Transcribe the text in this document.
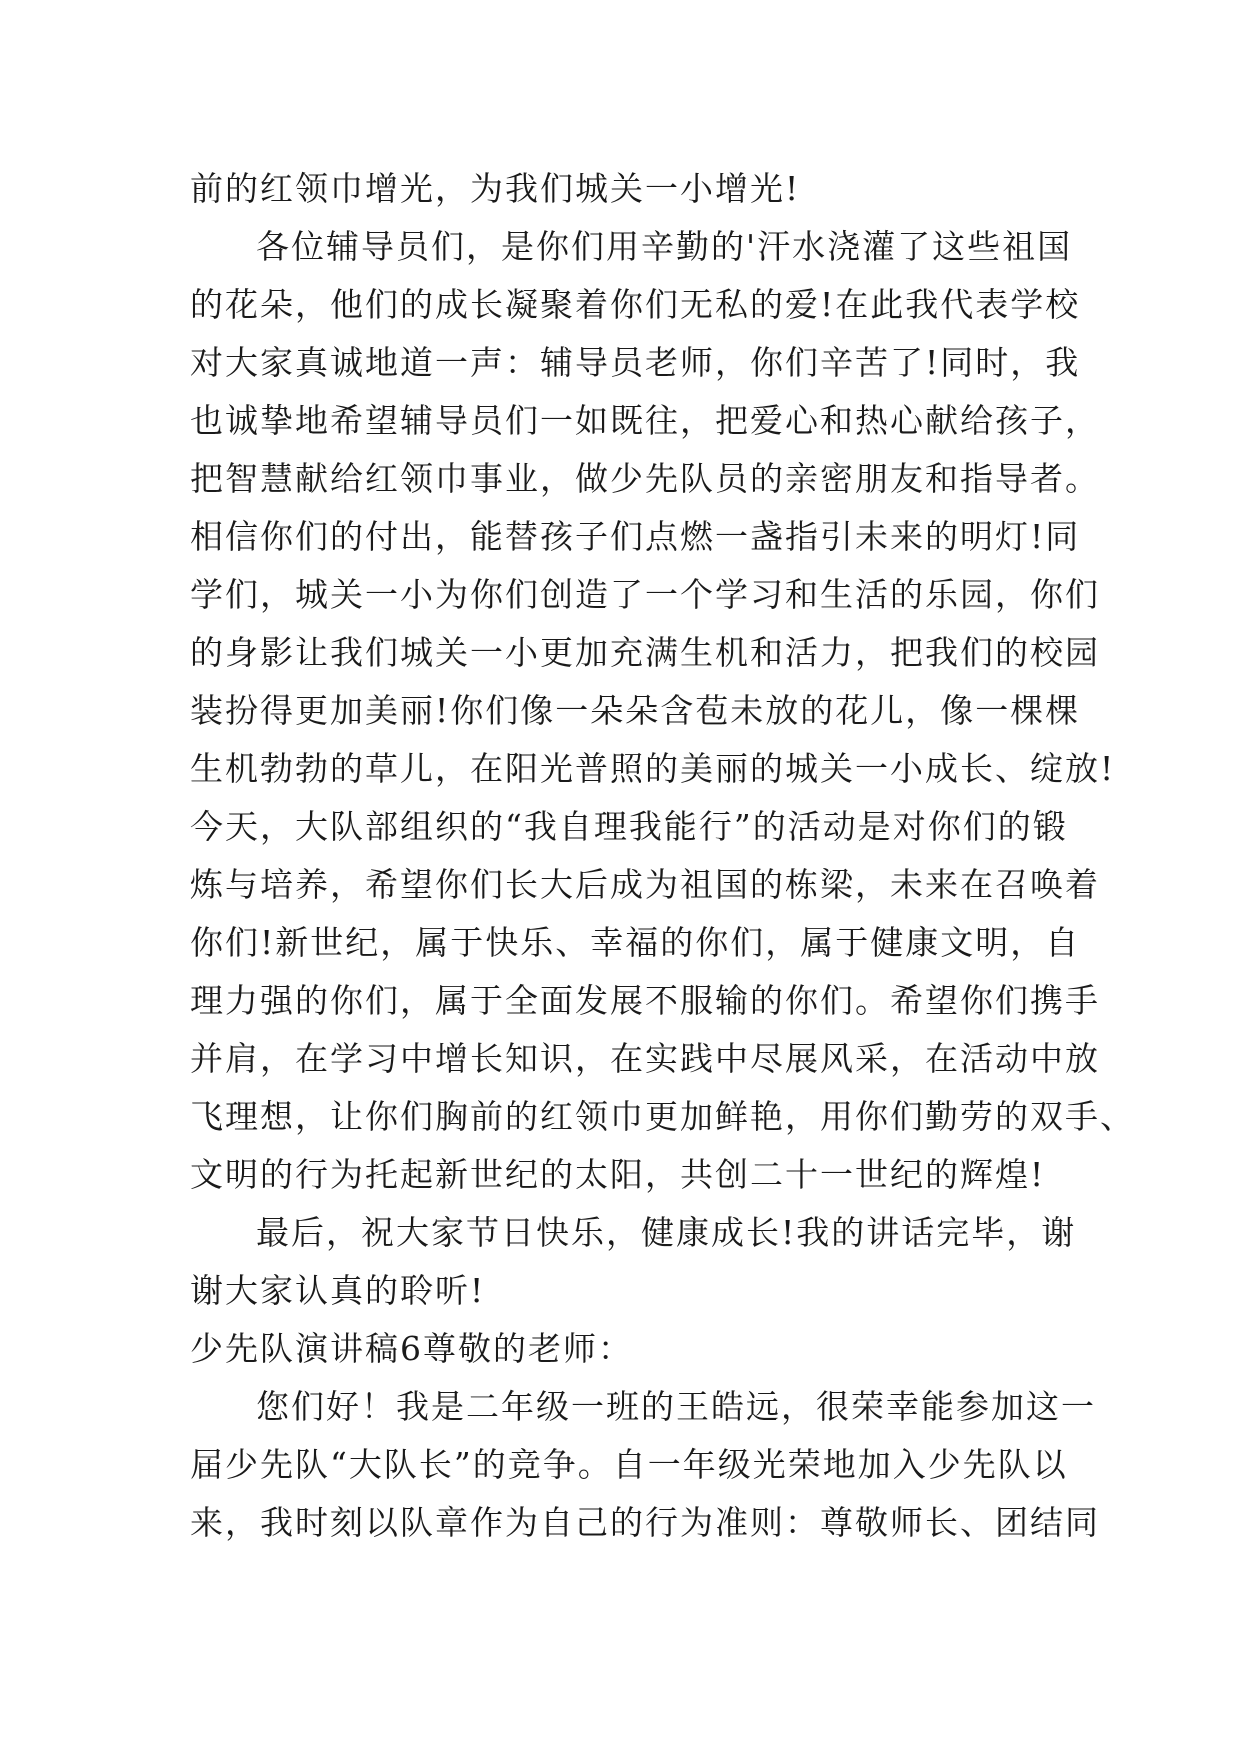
前的红领巾增光，为我们城关一小增光!
各位辅导员们，是你们用辛勤的'汗水浇灌了这些祖国
的花朵，他们的成长凝聚着你们无私的爱!在此我代表学校
对大家真诚地道一声：辅导员老师，你们辛苦了!同时，我
也诚挚地希望辅导员们一如既往，把爱心和热心献给孩子，
把智慧献给红领巾事业，做少先队员的亲密朋友和指导者。
相信你们的付出，能替孩子们点燃一盏指引未来的明灯!同
学们，城关一小为你们创造了一个学习和生活的乐园，你们
的身影让我们城关一小更加充满生机和活力，把我们的校园
装扮得更加美丽!你们像一朵朵含苞未放的花儿，像一棵棵
生机勃勃的草儿，在阳光普照的美丽的城关一小成长、绽放!
今天，大队部组织的“我自理我能行”的活动是对你们的锻
炼与培养，希望你们长大后成为祖国的栋梁，未来在召唤着
你们!新世纪，属于快乐、幸福的你们，属于健康文明，自
理力强的你们，属于全面发展不服输的你们。希望你们携手
并肩，在学习中增长知识，在实践中尽展风采，在活动中放
飞理想，让你们胸前的红领巾更加鲜艳，用你们勤劳的双手、
文明的行为托起新世纪的太阳，共创二十一世纪的辉煌!
最后，祝大家节日快乐，健康成长!我的讲话完毕，谢
谢大家认真的聆听!
少先队演讲稿6尊敬的老师：
您们好！我是二年级一班的王皓远，很荣幸能参加这一
届少先队“大队长”的竞争。自一年级光荣地加入少先队以
来，我时刻以队章作为自己的行为准则：尊敬师长、团结同
